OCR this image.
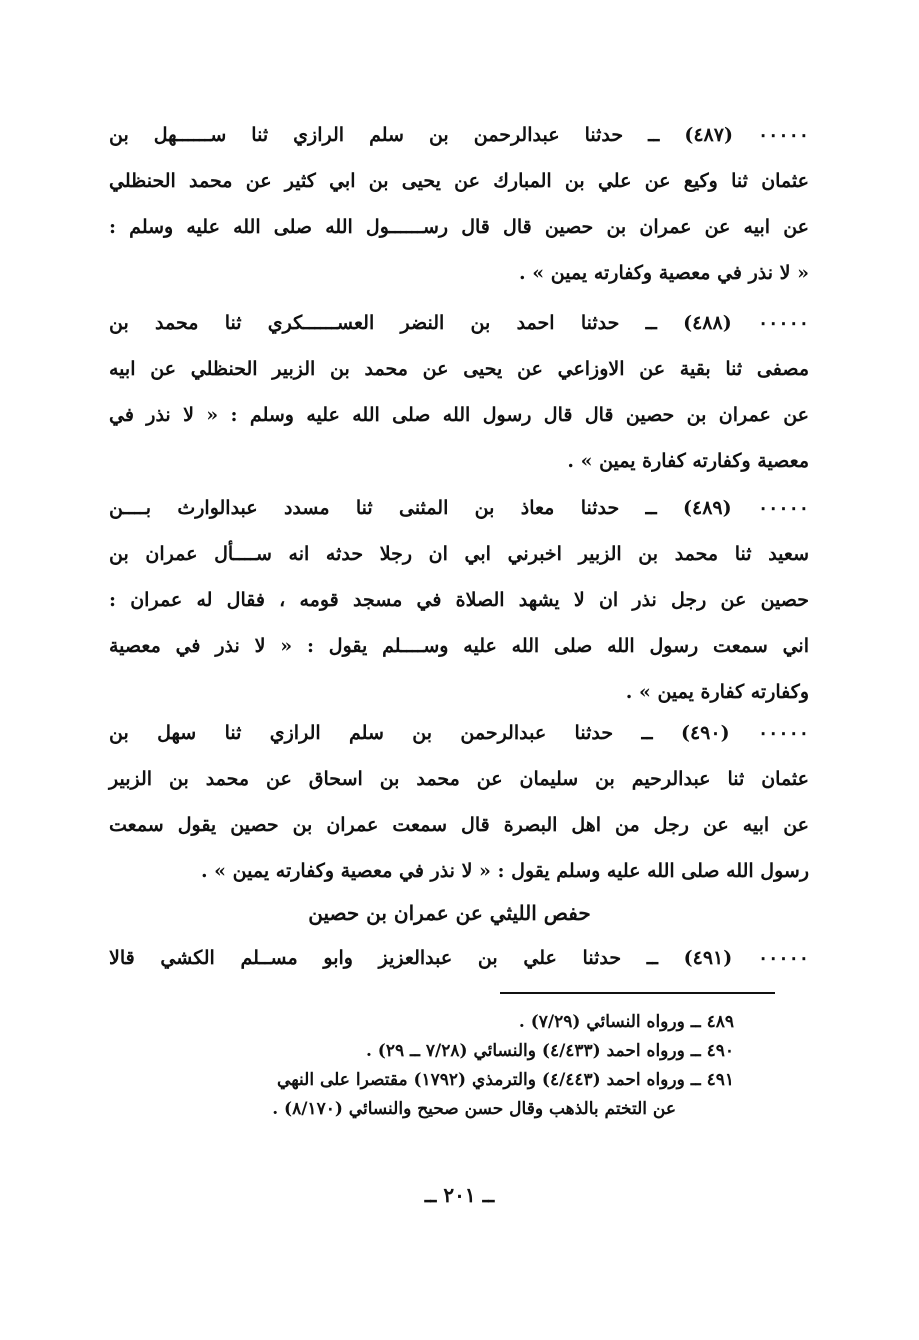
٠٠٠٠٠ (٤٨٧) ــ حدثنا عبدالرحمن بن سلم الرازي ثنا ســــــهل بن
عثمان ثنا وكيع عن علي بن المبارك عن يحيى بن ابي كثير عن محمد الحنظلي
عن ابيه عن عمران بن حصين قال قال رســــــول الله صلى الله عليه وسلم :
« لا نذر في معصية وكفارته يمين » .
٠٠٠٠٠ (٤٨٨) ــ حدثنا احمد بن النضر العســــــكري ثنا محمد بن
مصفى ثنا بقية عن الاوزاعي عن يحيى عن محمد بن الزبير الحنظلي عن ابيه
عن عمران بن حصين قال قال رسول الله صلى الله عليه وسلم : « لا نذر في
معصية وكفارته كفارة يمين » .
٠٠٠٠٠ (٤٨٩) ــ حدثنا معاذ بن المثنى ثنا مسدد عبدالوارث بــــن
سعيد ثنا محمد بن الزبير اخبرني ابي ان رجلا حدثه انه ســــأل عمران بن
حصين عن رجل نذر ان لا يشهد الصلاة في مسجد قومه ، فقال له عمران :
اني سمعت رسول الله صلى الله عليه وســــلم يقول : « لا نذر في معصية
وكفارته كفارة يمين » .
٠٠٠٠٠ (٤٩٠) ــ حدثنا عبدالرحمن بن سلم الرازي ثنا سهل بن
عثمان ثنا عبدالرحيم بن سليمان عن محمد بن اسحاق عن محمد بن الزبير
عن ابيه عن رجل من اهل البصرة قال سمعت عمران بن حصين يقول سمعت
رسول الله صلى الله عليه وسلم يقول : « لا نذر في معصية وكفارته يمين » .
حفص الليثي عن عمران بن حصين
٠٠٠٠٠ (٤٩١) ــ حدثنا علي بن عبدالعزيز وابو مســلم الكشي قالا
٤٨٩ ــ ورواه النسائي (٧/٢٩) .
٤٩٠ ــ ورواه احمد (٤/٤٣٣) والنسائي (٧/٢٨ ــ ٢٩) .
٤٩١ ــ ورواه احمد (٤/٤٤٣) والترمذي (١٧٩٢) مقتصرا على النهي
عن التختم بالذهب وقال حسن صحيح والنسائي (٨/١٧٠) .
ــ ٢٠١ ــ
